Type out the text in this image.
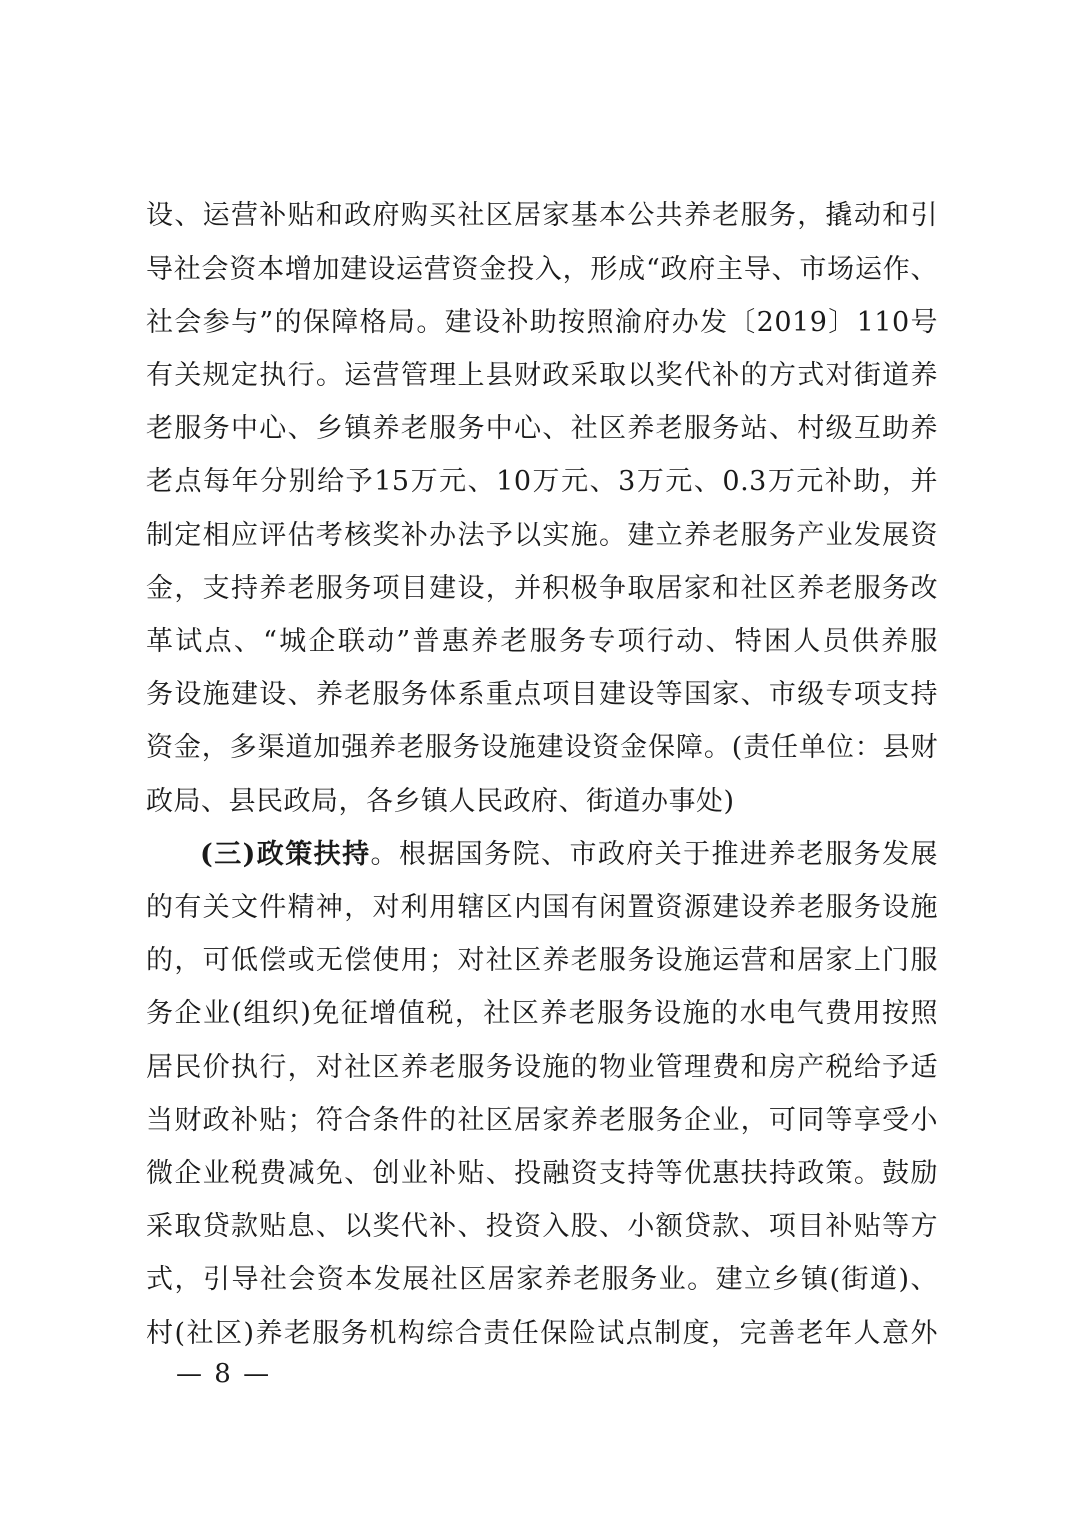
设、运营补贴和政府购买社区居家基本公共养老服务，撬动和引
导社会资本增加建设运营资金投入，形成“政府主导、市场运作、
社会参与”的保障格局。建设补助按照渝府办发〔2019〕110号
有关规定执行。运营管理上县财政采取以奖代补的方式对街道养
老服务中心、乡镇养老服务中心、社区养老服务站、村级互助养
老点每年分别给予15万元、10万元、3万元、0.3万元补助，并
制定相应评估考核奖补办法予以实施。建立养老服务产业发展资
金，支持养老服务项目建设，并积极争取居家和社区养老服务改
革试点、“城企联动”普惠养老服务专项行动、特困人员供养服
务设施建设、养老服务体系重点项目建设等国家、市级专项支持
资金，多渠道加强养老服务设施建设资金保障。(责任单位：县财
政局、县民政局，各乡镇人民政府、街道办事处)
(三)政策扶持。根据国务院、市政府关于推进养老服务发展
的有关文件精神，对利用辖区内国有闲置资源建设养老服务设施
的，可低偿或无偿使用；对社区养老服务设施运营和居家上门服
务企业(组织)免征增值税，社区养老服务设施的水电气费用按照
居民价执行，对社区养老服务设施的物业管理费和房产税给予适
当财政补贴；符合条件的社区居家养老服务企业，可同等享受小
微企业税费减免、创业补贴、投融资支持等优惠扶持政策。鼓励
采取贷款贴息、以奖代补、投资入股、小额贷款、项目补贴等方
式，引导社会资本发展社区居家养老服务业。建立乡镇(街道)、
村(社区)养老服务机构综合责任保险试点制度，完善老年人意外
— 8 —
